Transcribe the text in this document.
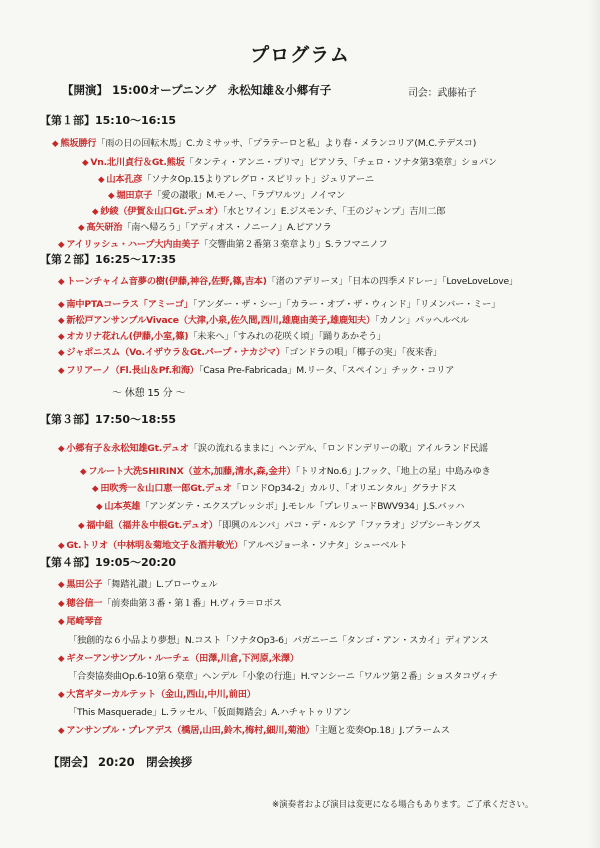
プログラム
【開演】 15:00オープニング　永松知雄＆小郷有子	司会：武藤祐子
【第１部】15:10～16:15
◆ 熊坂勝行「雨の日の回転木馬」C.カミサッサ、「プラテーロと私」より春・メランコリア(M.C.テデスコ)
◆ Vn.北川貞行＆Gt.熊坂「タンティ・アンニ・プリマ」ピアソラ、「チェロ・ソナタ第3楽章」ショパン
◆ 山本孔彦「ソナタOp.15よりアレグロ・スピリット」ジュリアーニ
◆ 堀田京子「愛の讃歌」M.モノー、「ラプワルツ」ノイマン
◆ 紗綾（伊賀＆山口Gt.デュオ）「水とワイン」E.ジスモンチ、「王のジャンプ」吉川二郎
◆ 高矢研治「南へ帰ろう」「アディオス・ノニーノ」A.ピアソラ
◆ アイリッシュ・ハープ大内由美子「交響曲第２番第３楽章より」S.ラフマニノフ
【第２部】16:25～17:35
◆ トーンチャイム音夢の樹(伊藤,神谷,佐野,篠,吉本)「渚のアデリーヌ」「日本の四季メドレー」「LoveLoveLove」
◆ 南中PTAコーラス「アミーゴ」「アンダー・ザ・シー」「カラー・オブ・ザ・ウィンド」「リメンバー・ミー」
◆ 新松戸アンサンブルVivace（大津,小泉,佐久間,西川,雄鹿由美子,雄鹿知夫）「カノン」パッヘルベル
◆ オカリナ花れん(伊藤,小室,篠)「未来へ」「すみれの花咲く頃」「踊りあかそう」
◆ ジャポニスム（Vo.イザウラ＆Gt.パープ・ナカジマ）「ゴンドラの唄」「椰子の実」「夜来香」
◆ フリアーノ（Fl.長山＆Pf.和海）「Casa Pre-Fabricada」M.リータ、「スペイン」チック・コリア
～ 休憩 15 分 ～
【第３部】17:50～18:55
◆ 小郷有子＆永松知雄Gt.デュオ「涙の流れるままに」ヘンデル、「ロンドンデリーの歌」アイルランド民謡
◆ フルート大洗SHIRINX（並木,加藤,清水,森,金井）「トリオNo.6」J.フック、「地上の星」中島みゆき
◆ 田吹秀一＆山口恵一郎Gt.デュオ「ロンドOp34-2」カルリ、「オリエンタル」グラナドス
◆ 山本英雄「アンダンテ・エクスプレッシボ」J.モレル「プレリュードBWV934」J.S.バッハ
◆ 福中組（福井＆中根Gt.デュオ）「即興のルンバ」パコ・デ・ルシア「ファラオ」ジプシーキングス
◆ Gt.トリオ（中林明＆菊地文子＆酒井敏光）「アルペジョーネ・ソナタ」シューベルト
【第４部】19:05～20:20
◆ 黒田公子「舞踏礼讃」L.ブローウェル
◆ 穂谷信一「前奏曲第３番・第１番」H.ヴィラ＝ロボス
◆ 尾崎琴音
「独創的な６小品より夢想」N.コスト「ソナタOp3-6」パガニーニ「タンゴ・アン・スカイ」ディアンス
◆ ギターアンサンブル・ルーチェ（田澤,川倉,下河原,米澤）
「合奏協奏曲Op.6-10第６楽章」ヘンデル「小象の行進」H.マンシーニ「ワルツ第２番」ショスタコヴィチ
◆ 大宮ギターカルテット（金山,西山,中川,前田）
「This Masquerade」L.ラッセル、「仮面舞踏会」A.ハチャトゥリアン
◆ アンサンブル・プレアデス（橋居,山田,鈴木,梅村,細川,菊池）「主題と変奏Op.18」J.ブラームス
【閉会】 20:20　閉会挨拶
※演奏者および演目は変更になる場合もあります。ご了承ください。
